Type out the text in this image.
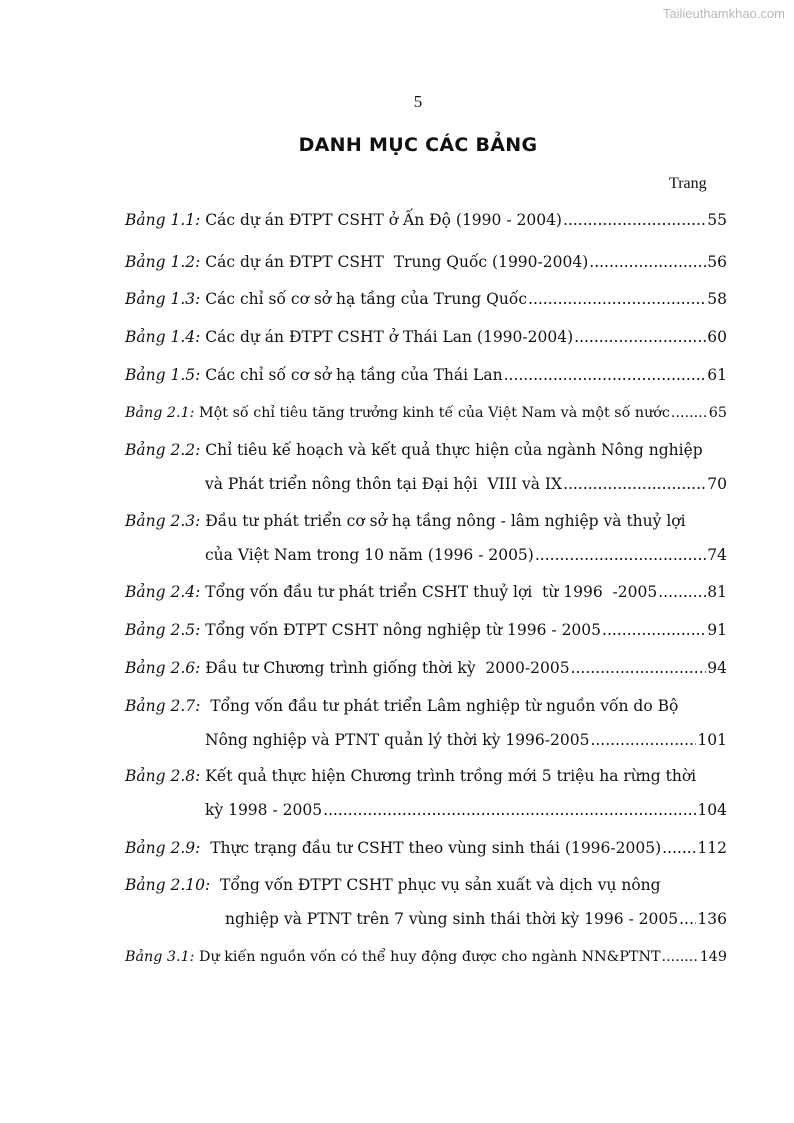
Tailieuthamkhao.com
5
DANH MỤC CÁC BẢNG
Trang
Bảng 1.1: Các dự án ĐTPT CSHT ở Ấn Độ (1990 - 2004) .....	55
Bảng 1.2: Các dự án ĐTPT CSHT  Trung Quốc (1990-2004) .....	56
Bảng 1.3: Các chỉ số cơ sở hạ tầng của Trung Quốc .....	58
Bảng 1.4: Các dự án ĐTPT CSHT ở Thái Lan (1990-2004) .....	60
Bảng 1.5: Các chỉ số cơ sở hạ tầng của Thái Lan .....	61
Bảng 2.1: Một số chỉ tiêu tăng trưởng kinh tế của Việt Nam và một số nước .....	65
Bảng 2.2: Chỉ tiêu kế hoạch và kết quả thực hiện của ngành Nông nghiệp
và Phát triển nông thôn tại Đại hội  VIII và IX .....	70
Bảng 2.3: Đầu tư phát triển cơ sở hạ tầng nông - lâm nghiệp và thuỷ lợi
của Việt Nam trong 10 năm (1996 - 2005) .....	74
Bảng 2.4: Tổng vốn đầu tư phát triển CSHT thuỷ lợi  từ 1996  -2005 .....	81
Bảng 2.5: Tổng vốn ĐTPT CSHT nông nghiệp từ 1996 - 2005 .....	91
Bảng 2.6: Đầu tư Chương trình giống thời kỳ  2000-2005 .....	94
Bảng 2.7: Tổng vốn đầu tư phát triển Lâm nghiệp từ nguồn vốn do Bộ
Nông nghiệp và PTNT quản lý thời kỳ 1996-2005 .....	101
Bảng 2.8: Kết quả thực hiện Chương trình trồng mới 5 triệu ha rừng thời
kỳ 1998 - 2005 .....	104
Bảng 2.9: Thực trạng đầu tư CSHT theo vùng sinh thái (1996-2005) ..... 112
Bảng 2.10: Tổng vốn ĐTPT CSHT phục vụ sản xuất và dịch vụ nông
nghiệp và PTNT trên 7 vùng sinh thái thời kỳ 1996 - 2005 ..... 136
Bảng 3.1: Dự kiến nguồn vốn có thể huy động được cho ngành NN&PTNT .....	149
